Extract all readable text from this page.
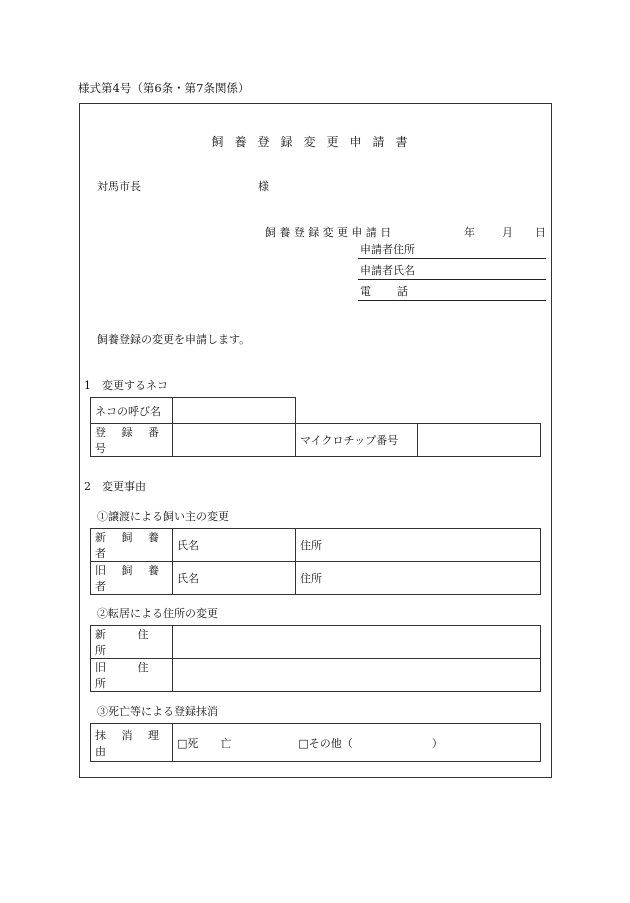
様式第4号（第6条・第7条関係）
飼養登録変更申請書
対馬市長	様
飼養登録変更申請日	年 月 日
申請者住所
申請者氏名
電話
飼養登録の変更を申請します。
1　変更するネコ
ネコの呼び名		
登 録 番 号		マイクロチップ番号	
2　変更事由
①譲渡による飼い主の変更
新 飼 養 者	氏名	住所
旧 飼 養 者	氏名	住所
②転居による住所の変更
新 住 所	
旧 住 所	
③死亡等による登録抹消
抹 消 理 由	□死　　亡	□その他（	）
